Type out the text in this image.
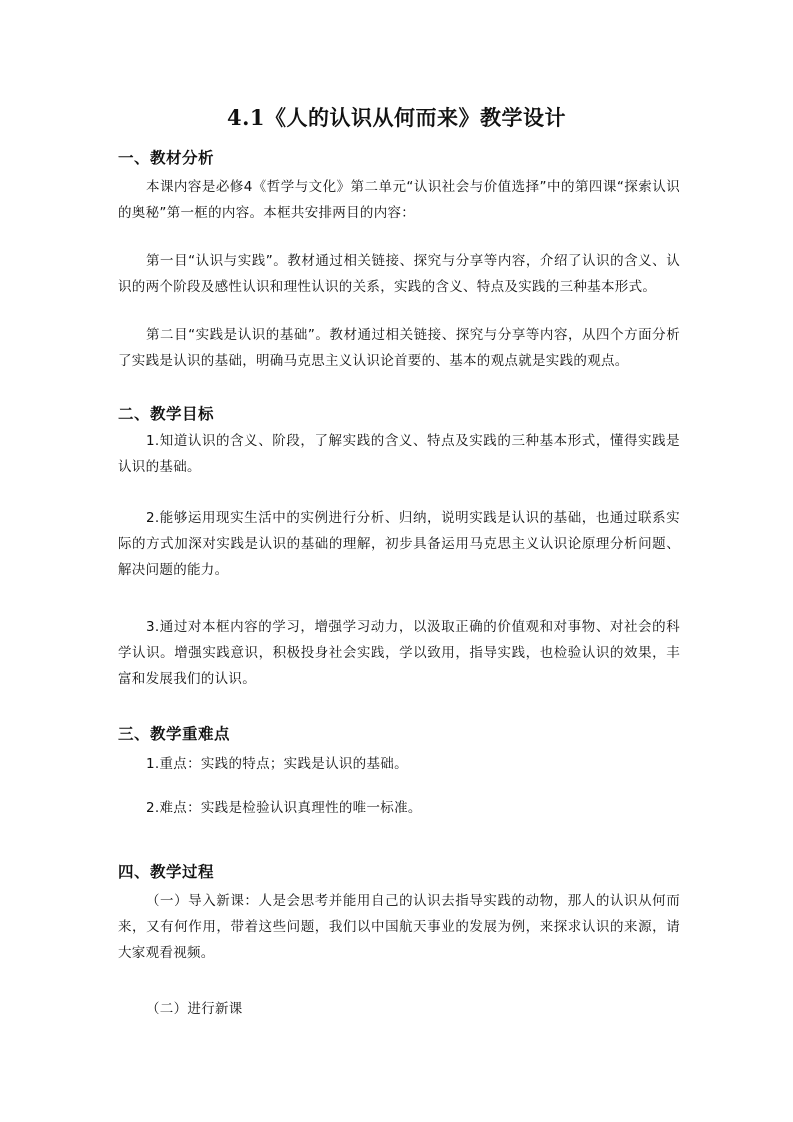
4.1《人的认识从何而来》教学设计
一、教材分析
本课内容是必修4《哲学与文化》第二单元“认识社会与价值选择”中的第四课“探索认识的奥秘”第一框的内容。本框共安排两目的内容：
第一目“认识与实践”。教材通过相关链接、探究与分享等内容，介绍了认识的含义、认识的两个阶段及感性认识和理性认识的关系，实践的含义、特点及实践的三种基本形式。
第二目“实践是认识的基础”。教材通过相关链接、探究与分享等内容，从四个方面分析了实践是认识的基础，明确马克思主义认识论首要的、基本的观点就是实践的观点。
二、教学目标
1.知道认识的含义、阶段，了解实践的含义、特点及实践的三种基本形式，懂得实践是认识的基础。
2.能够运用现实生活中的实例进行分析、归纳，说明实践是认识的基础，也通过联系实际的方式加深对实践是认识的基础的理解，初步具备运用马克思主义认识论原理分析问题、解决问题的能力。
3.通过对本框内容的学习，增强学习动力，以汲取正确的价值观和对事物、对社会的科学认识。增强实践意识，积极投身社会实践，学以致用，指导实践，也检验认识的效果，丰富和发展我们的认识。
三、教学重难点
1.重点：实践的特点；实践是认识的基础。
2.难点：实践是检验认识真理性的唯一标准。
四、教学过程
（一）导入新课：人是会思考并能用自己的认识去指导实践的动物，那人的认识从何而来，又有何作用，带着这些问题，我们以中国航天事业的发展为例，来探求认识的来源，请大家观看视频。
（二）进行新课
